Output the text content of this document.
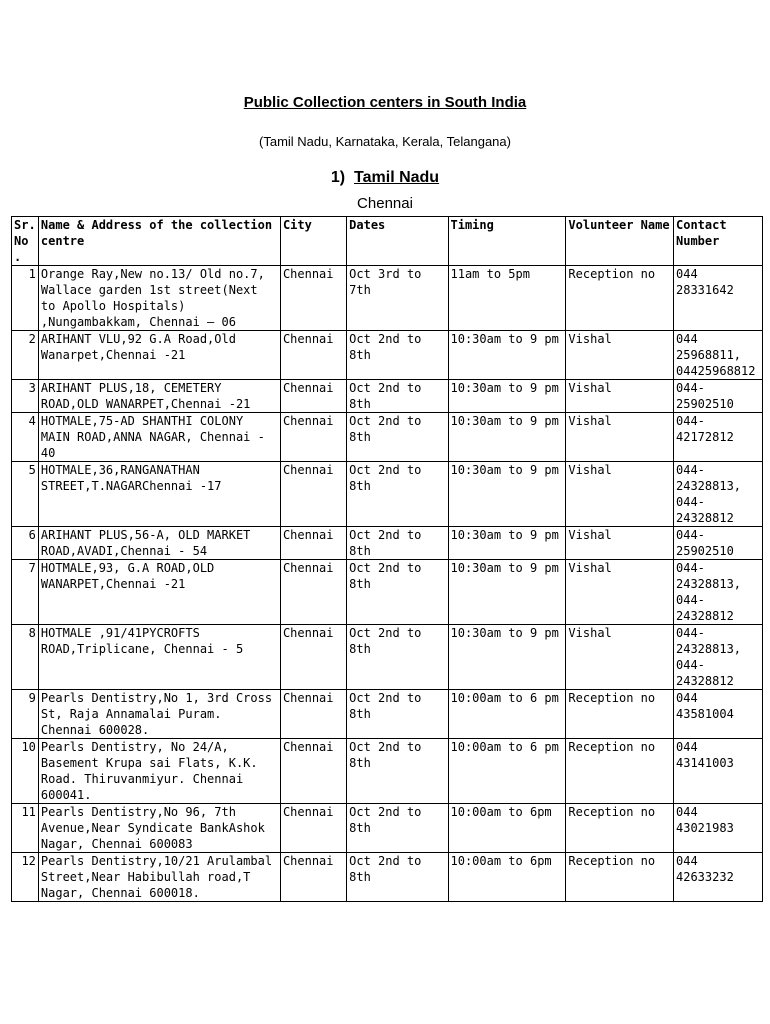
Public Collection centers in South India
(Tamil Nadu, Karnataka, Kerala, Telangana)
1) Tamil Nadu
Chennai
Sr. No .	Name & Address of the collection centre	City	Dates	Timing	Volunteer Name	Contact Number
1	Orange Ray,New no.13/ Old no.7, Wallace garden 1st street(Next to Apollo Hospitals) ,Nungambakkam, Chennai – 06	Chennai	Oct 3rd to 7th	11am to 5pm	Reception no	044 28331642
2	ARIHANT VLU,92 G.A Road,Old Wanarpet,Chennai -21	Chennai	Oct 2nd to 8th	10:30am to 9 pm	Vishal	044 25968811, 04425968812
3	ARIHANT PLUS,18, CEMETERY ROAD,OLD WANARPET,Chennai -21	Chennai	Oct 2nd to 8th	10:30am to 9 pm	Vishal	044-25902510
4	HOTMALE,75-AD SHANTHI COLONY MAIN ROAD,ANNA NAGAR, Chennai - 40	Chennai	Oct 2nd to 8th	10:30am to 9 pm	Vishal	044-42172812
5	HOTMALE,36,RANGANATHAN STREET,T.NAGARChennai -17	Chennai	Oct 2nd to 8th	10:30am to 9 pm	Vishal	044-24328813, 044-24328812
6	ARIHANT PLUS,56-A, OLD MARKET ROAD,AVADI,Chennai - 54	Chennai	Oct 2nd to 8th	10:30am to 9 pm	Vishal	044-25902510
7	HOTMALE,93, G.A ROAD,OLD WANARPET,Chennai -21	Chennai	Oct 2nd to 8th	10:30am to 9 pm	Vishal	044-24328813, 044-24328812
8	HOTMALE ,91/41PYCROFTS ROAD,Triplicane, Chennai - 5	Chennai	Oct 2nd to 8th	10:30am to 9 pm	Vishal	044-24328813, 044-24328812
9	Pearls Dentistry,No 1, 3rd Cross St, Raja Annamalai Puram. Chennai 600028.	Chennai	Oct 2nd to 8th	10:00am to 6 pm	Reception no	044 43581004
10	Pearls Dentistry, No 24/A, Basement Krupa sai Flats, K.K. Road. Thiruvanmiyur. Chennai 600041.	Chennai	Oct 2nd to 8th	10:00am to 6 pm	Reception no	044 43141003
11	Pearls Dentistry,No 96, 7th Avenue,Near Syndicate BankAshok Nagar, Chennai 600083	Chennai	Oct 2nd to 8th	10:00am to 6pm	Reception no	044 43021983
12	Pearls Dentistry,10/21 Arulambal Street,Near Habibullah road,T Nagar, Chennai 600018.	Chennai	Oct 2nd to 8th	10:00am to 6pm	Reception no	044 42633232
